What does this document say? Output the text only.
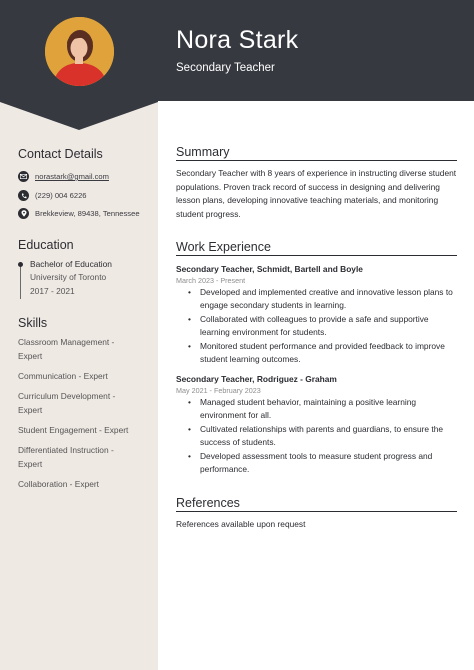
Nora Stark
Secondary Teacher
Contact Details
norastark@gmail.com
(229) 004 6226
Brekkeview, 89438, Tennessee
Education
Bachelor of Education
University of Toronto
2017 - 2021
Skills
Classroom Management - Expert
Communication - Expert
Curriculum Development - Expert
Student Engagement - Expert
Differentiated Instruction - Expert
Collaboration - Expert
Summary
Secondary Teacher with 8 years of experience in instructing diverse student populations. Proven track record of success in designing and delivering lesson plans, developing innovative teaching materials, and monitoring student progress.
Work Experience
Secondary Teacher, Schmidt, Bartell and Boyle
March 2023 - Present
• Developed and implemented creative and innovative lesson plans to engage secondary students in learning.
• Collaborated with colleagues to provide a safe and supportive learning environment for students.
• Monitored student performance and provided feedback to improve student learning outcomes.
Secondary Teacher, Rodriguez - Graham
May 2021 - February 2023
• Managed student behavior, maintaining a positive learning environment for all.
• Cultivated relationships with parents and guardians, to ensure the success of students.
• Developed assessment tools to measure student progress and performance.
References
References available upon request
